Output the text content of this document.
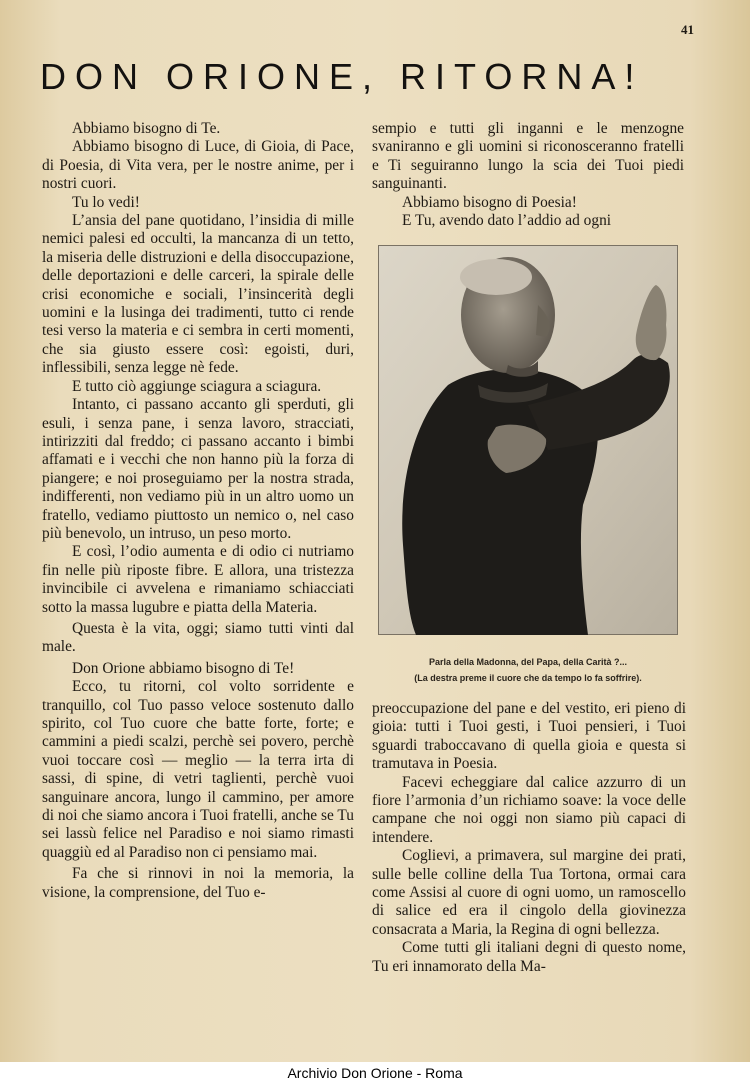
41
DON ORIONE, RITORNA!

Abbiamo bisogno di Te.

Abbiamo bisogno di Luce, di Gioia, di Pace, di Poesia, di Vita vera, per le nostre anime, per i nostri cuori.

Tu lo vedi!

L’ansia del pane quotidano, l’insidia di mille nemici palesi ed occulti, la mancanza di un tetto, la miseria delle distruzioni e della disoccupazione, delle deportazioni e delle carceri, la spirale delle crisi economiche e sociali, l’insincerità degli uomini e la lusinga dei tradimenti, tutto ci rende tesi verso la materia e ci sembra in certi momenti, che sia giusto essere così: egoisti, duri, inflessibili, senza legge nè fede.

E tutto ciò aggiunge sciagura a sciagura.

Intanto, ci passano accanto gli sperduti, gli esuli, i senza pane, i senza lavoro, stracciati, intirizziti dal freddo; ci passano accanto i bimbi affamati e i vecchi che non hanno più la forza di piangere; e noi proseguiamo per la nostra strada, indifferenti, non vediamo più in un altro uomo un fratello, vediamo piuttosto un nemico o, nel caso più benevolo, un intruso, un peso morto.

E così, l’odio aumenta e di odio ci nutriamo fin nelle più riposte fibre. E allora, una tristezza invincibile ci avvelena e rimaniamo schiacciati sotto la massa lugubre e piatta della Materia.

Questa è la vita, oggi; siamo tutti vinti dal male.

Don Orione abbiamo bisogno di Te!

Ecco, tu ritorni, col volto sorridente e tranquillo, col Tuo passo veloce sostenuto dallo spirito, col Tuo cuore che batte forte, forte; e cammini a piedi scalzi, perchè sei povero, perchè vuoi toccare così — meglio — la terra irta di sassi, di spine, di vetri taglienti, perchè vuoi sanguinare ancora, lungo il cammino, per amore di noi che siamo ancora i Tuoi fratelli, anche se Tu sei lassù felice nel Paradiso e noi siamo rimasti quaggiù ed al Paradiso non ci pensiamo mai.

Fa che si rinnovi in noi la memoria, la visione, la comprensione, del Tuo e-

sempio e tutti gli inganni e le menzogne svaniranno e gli uomini si riconosceranno fratelli e Ti seguiranno lungo la scia dei Tuoi piedi sanguinanti.

Abbiamo bisogno di Poesia!

E Tu, avendo dato l’addio ad ogni

Parla della Madonna, del Papa, della Carità ?...
(La destra preme il cuore che da tempo lo fa soffrire).

preoccupazione del pane e del vestito, eri pieno di gioia: tutti i Tuoi gesti, i Tuoi pensieri, i Tuoi sguardi traboccavano di quella gioia e questa si tramutava in Poesia.

Facevi echeggiare dal calice azzurro di un fiore l’armonia d’un richiamo soave: la voce delle campane che noi oggi non siamo più capaci di intendere.

Coglievi, a primavera, sul margine dei prati, sulle belle colline della Tua Tortona, ormai cara come Assisi al cuore di ogni uomo, un ramoscello di salice ed era il cingolo della giovinezza consacrata a Maria, la Regina di ogni bellezza.

Come tutti gli italiani degni di questo nome, Tu eri innamorato della Ma-

Archivio Don Orione - Roma
